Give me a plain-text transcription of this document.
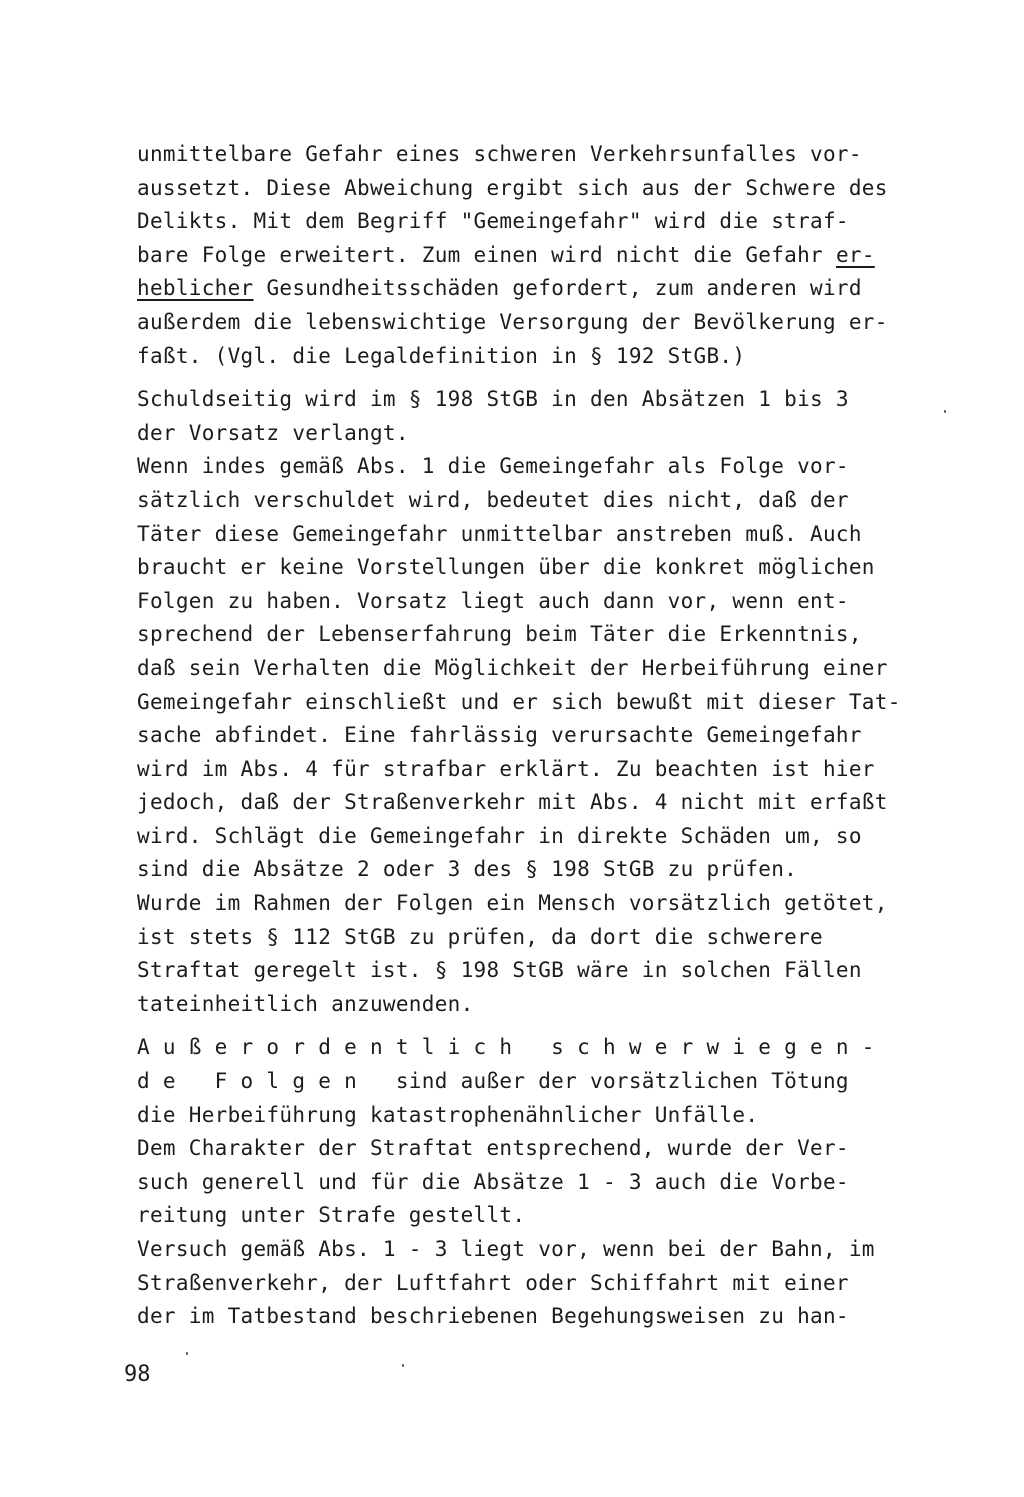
unmittelbare Gefahr eines schweren Verkehrsunfalles vor-
aussetzt. Diese Abweichung ergibt sich aus der Schwere des
Delikts. Mit dem Begriff "Gemeingefahr" wird die straf-
bare Folge erweitert. Zum einen wird nicht die Gefahr er-
heblicher Gesundheitsschäden gefordert, zum anderen wird
außerdem die lebenswichtige Versorgung der Bevölkerung er-
faßt. (Vgl. die Legaldefinition in § 192 StGB.)
Schuldseitig wird im § 198 StGB in den Absätzen 1 bis 3
der Vorsatz verlangt.
Wenn indes gemäß Abs. 1 die Gemeingefahr als Folge vor-
sätzlich verschuldet wird, bedeutet dies nicht, daß der
Täter diese Gemeingefahr unmittelbar anstreben muß. Auch
braucht er keine Vorstellungen über die konkret möglichen
Folgen zu haben. Vorsatz liegt auch dann vor, wenn ent-
sprechend der Lebenserfahrung beim Täter die Erkenntnis,
daß sein Verhalten die Möglichkeit der Herbeiführung einer
Gemeingefahr einschließt und er sich bewußt mit dieser Tat-
sache abfindet. Eine fahrlässig verursachte Gemeingefahr
wird im Abs. 4 für strafbar erklärt. Zu beachten ist hier
jedoch, daß der Straßenverkehr mit Abs. 4 nicht mit erfaßt
wird. Schlägt die Gemeingefahr in direkte Schäden um, so
sind die Absätze 2 oder 3 des § 198 StGB zu prüfen.
Wurde im Rahmen der Folgen ein Mensch vorsätzlich getötet,
ist stets § 112 StGB zu prüfen, da dort die schwerere
Straftat geregelt ist. § 198 StGB wäre in solchen Fällen
tateinheitlich anzuwenden.
A u ß e r o r d e n t l i c h   s c h w e r w i e g e n -
d e   F o l g e n   sind außer der vorsätzlichen Tötung
die Herbeiführung katastrophenähnlicher Unfälle.
Dem Charakter der Straftat entsprechend, wurde der Ver-
such generell und für die Absätze 1 - 3 auch die Vorbe-
reitung unter Strafe gestellt.
Versuch gemäß Abs. 1 - 3 liegt vor, wenn bei der Bahn, im
Straßenverkehr, der Luftfahrt oder Schiffahrt mit einer
der im Tatbestand beschriebenen Begehungsweisen zu han-
98
